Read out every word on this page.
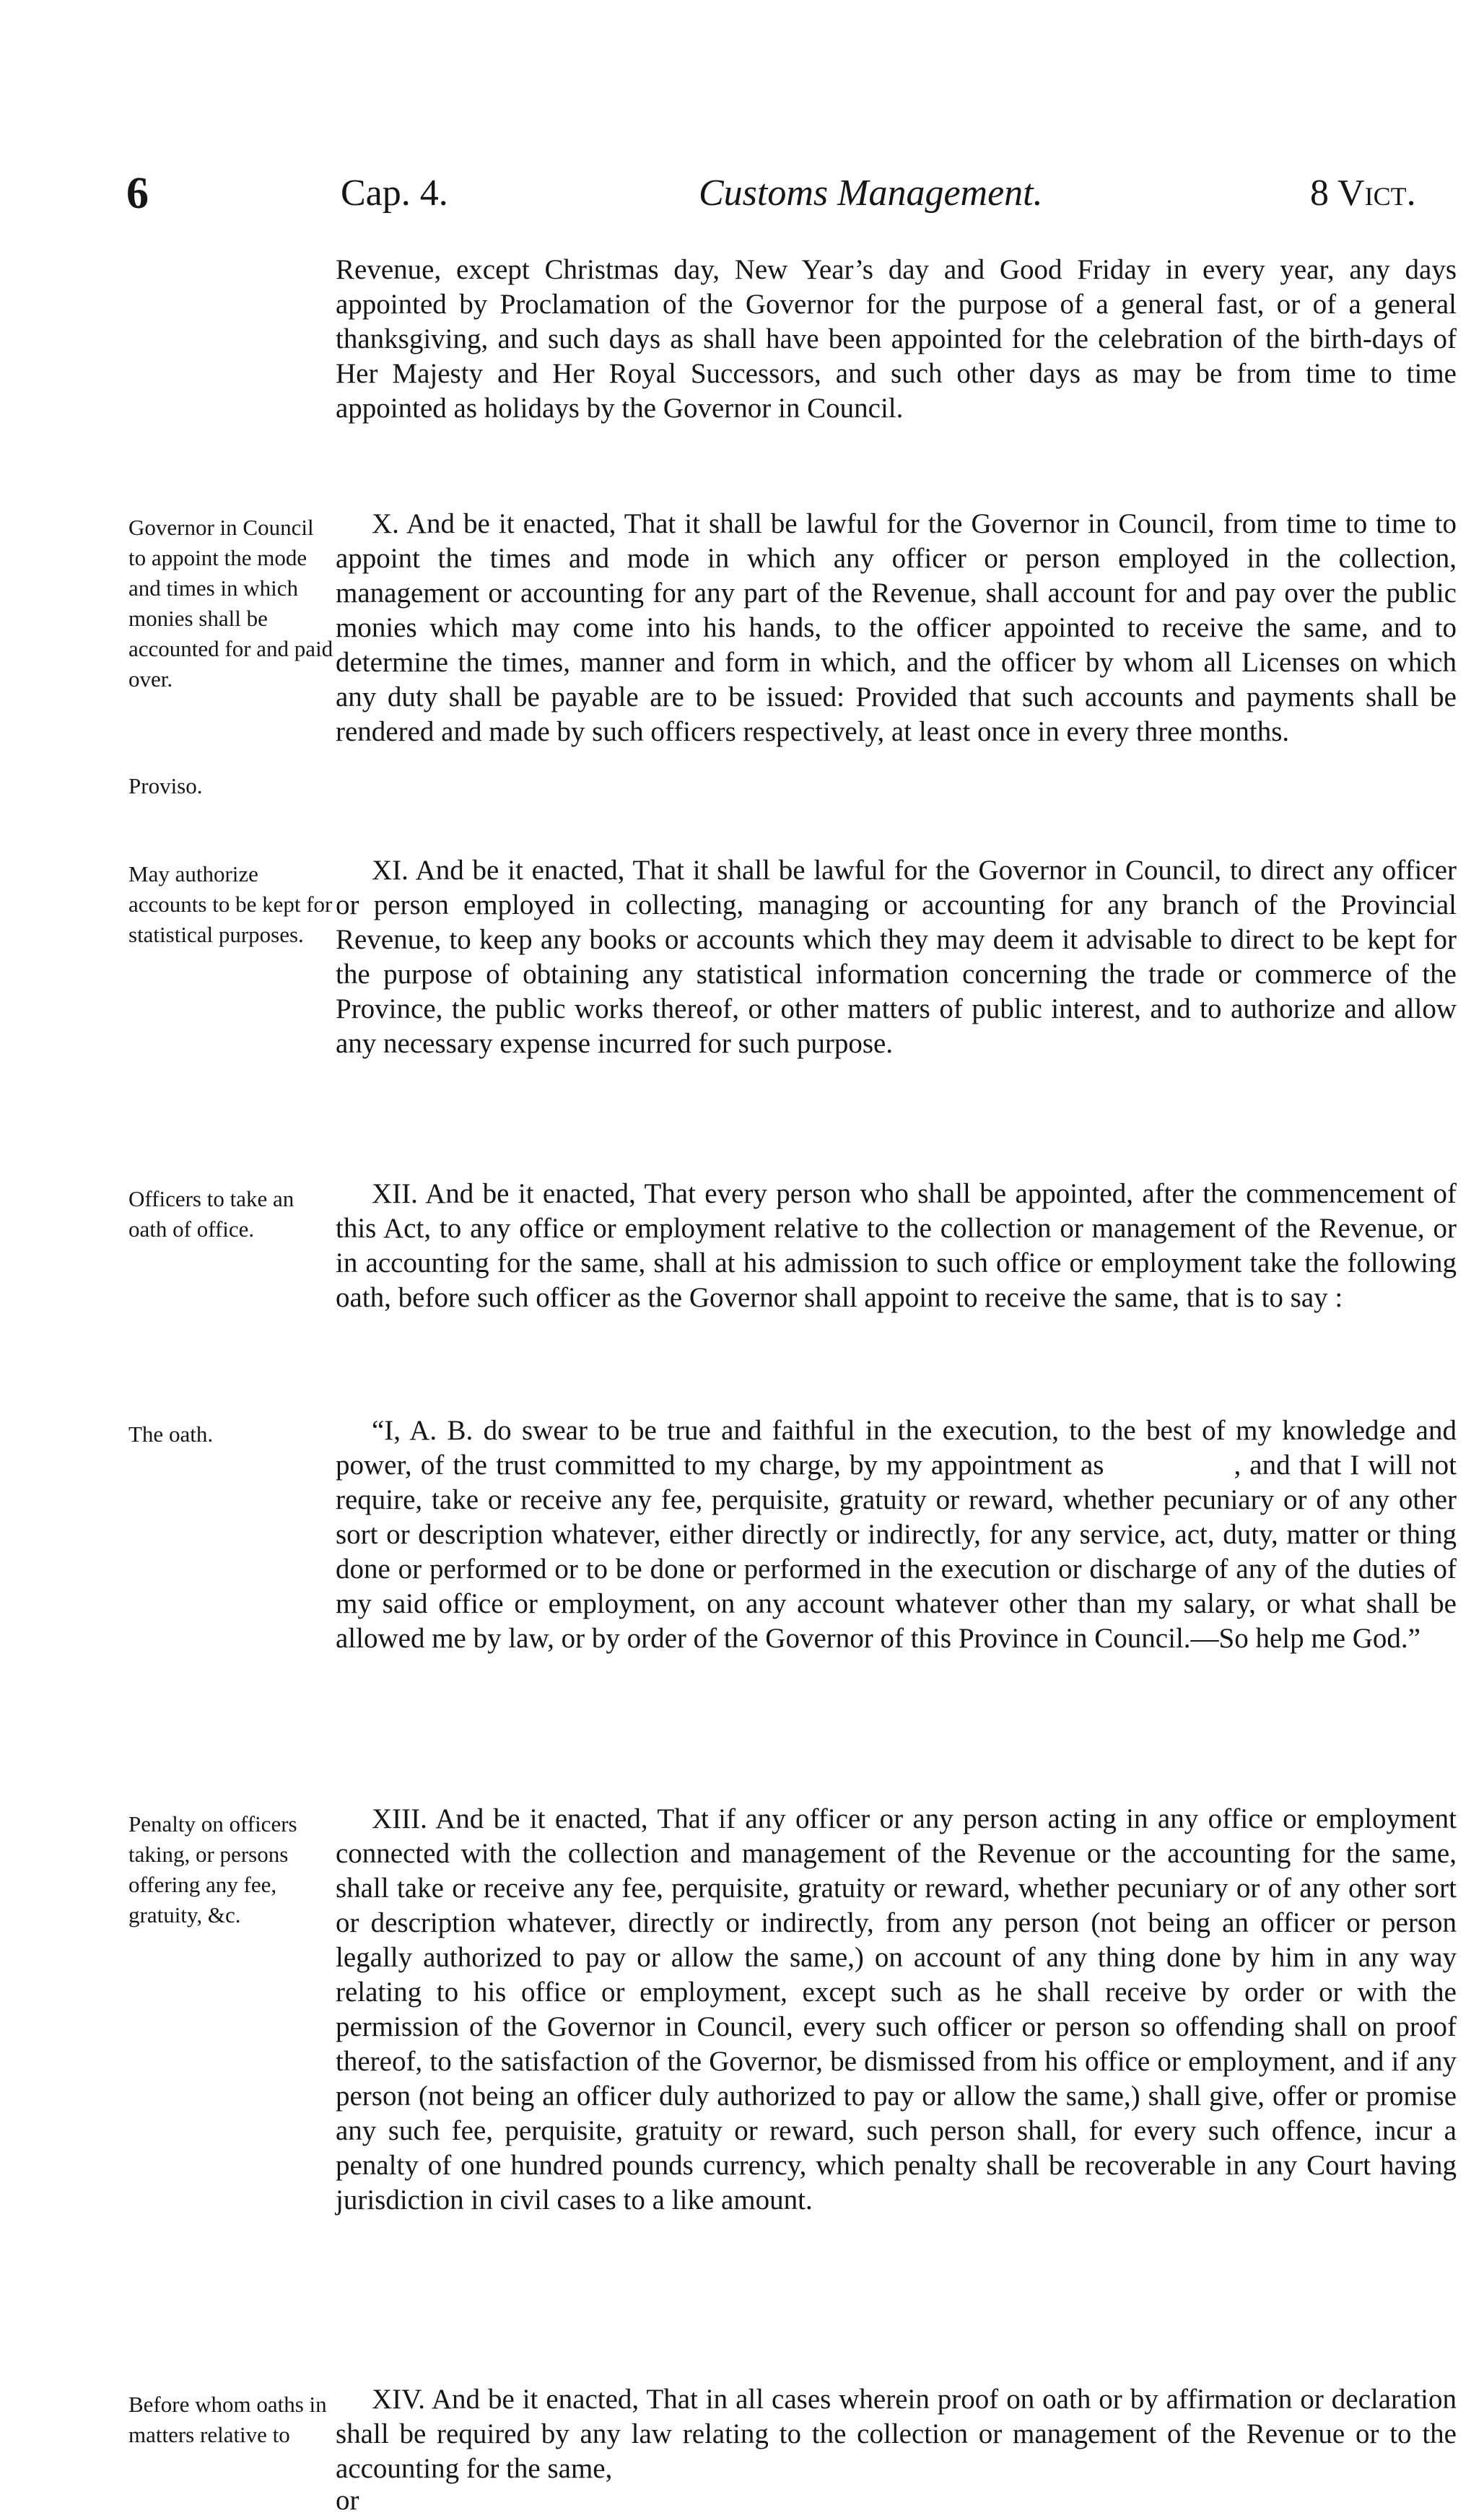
6	Cap. 4.	Customs Management.	8 Vict.
Revenue, except Christmas day, New Year’s day and Good Friday in every year, any days appointed by Proclamation of the Governor for the purpose of a general fast, or of a general thanksgiving, and such days as shall have been appointed for the celebration of the birth-days of Her Majesty and Her Royal Successors, and such other days as may be from time to time appointed as holidays by the Governor in Council.
Governor in Council to appoint the mode and times in which monies shall be accounted for and paid over.
Proviso.
X. And be it enacted, That it shall be lawful for the Governor in Council, from time to time to appoint the times and mode in which any officer or person employed in the collection, management or accounting for any part of the Revenue, shall account for and pay over the public monies which may come into his hands, to the officer appointed to receive the same, and to determine the times, manner and form in which, and the officer by whom all Licenses on which any duty shall be payable are to be issued: Provided that such accounts and payments shall be rendered and made by such officers respectively, at least once in every three months.
May authorize accounts to be kept for statistical purposes.
XI. And be it enacted, That it shall be lawful for the Governor in Council, to direct any officer or person employed in collecting, managing or accounting for any branch of the Provincial Revenue, to keep any books or accounts which they may deem it advisable to direct to be kept for the purpose of obtaining any statistical information concerning the trade or commerce of the Province, the public works thereof, or other matters of public interest, and to authorize and allow any necessary expense incurred for such purpose.
Officers to take an oath of office.
XII. And be it enacted, That every person who shall be appointed, after the commencement of this Act, to any office or employment relative to the collection or management of the Revenue, or in accounting for the same, shall at his admission to such office or employment take the following oath, before such officer as the Governor shall appoint to receive the same, that is to say :
The oath.	“I, A. B. do swear to be true and faithful in the execution, to the best of my knowledge and power, of the trust committed to my charge, by my appointment as	, and that I will not require, take or receive any fee, perquisite, gratuity or reward, whether pecuniary or of any other sort or description whatever, either directly or indirectly, for any service, act, duty, matter or thing done or performed or to be done or performed in the execution or discharge of any of the duties of my said office or employment, on any account whatever other than my salary, or what shall be allowed me by law, or by order of the Governor of this Province in Council.—So help me God.”
Penalty on officers taking, or persons offering any fee, gratuity, &c.
XIII. And be it enacted, That if any officer or any person acting in any office or employment connected with the collection and management of the Revenue or the accounting for the same, shall take or receive any fee, perquisite, gratuity or reward, whether pecuniary or of any other sort or description whatever, directly or indirectly, from any person (not being an officer or person legally authorized to pay or allow the same,) on account of any thing done by him in any way relating to his office or employment, except such as he shall receive by order or with the permission of the Governor in Council, every such officer or person so offending shall on proof thereof, to the satisfaction of the Governor, be dismissed from his office or employment, and if any person (not being an officer duly authorized to pay or allow the same,) shall give, offer or promise any such fee, perquisite, gratuity or reward, such person shall, for every such offence, incur a penalty of one hundred pounds currency, which penalty shall be recoverable in any Court having jurisdiction in civil cases to a like amount.
Before whom oaths in matters relative to
XIV. And be it enacted, That in all cases wherein proof on oath or by affirmation or declaration shall be required by any law relating to the collection or management of the Revenue or to the accounting for the same,
or
